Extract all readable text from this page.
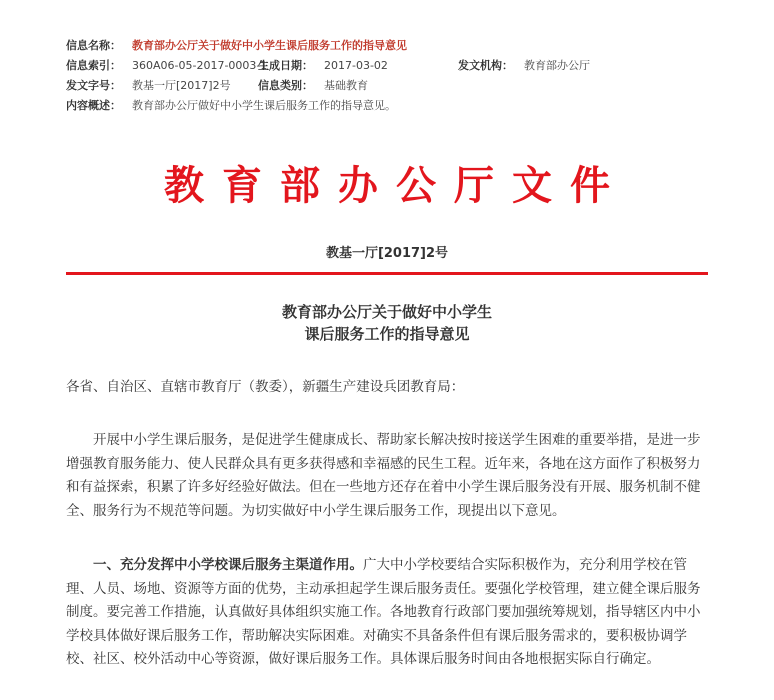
信息名称： 教育部办公厅关于做好中小学生课后服务工作的指导意见
信息索引： 360A06-05-2017-0003-1
生成日期： 2017-03-02	发文机构： 教育部办公厅
发文字号： 教基一厅[2017]2号 信息类别： 基础教育
内容概述： 教育部办公厅做好中小学生课后服务工作的指导意见。
教育部办公厅文件
教基一厅[2017]2号
教育部办公厅关于做好中小学生
课后服务工作的指导意见
各省、自治区、直辖市教育厅（教委），新疆生产建设兵团教育局：
开展中小学生课后服务，是促进学生健康成长、帮助家长解决按时接送学生困难的重要举措，是进一步增强教育服务能力、使人民群众具有更多获得感和幸福感的民生工程。近年来，各地在这方面作了积极努力和有益探索，积累了许多好经验好做法。但在一些地方还存在着中小学生课后服务没有开展、服务机制不健全、服务行为不规范等问题。为切实做好中小学生课后服务工作，现提出以下意见。
一、充分发挥中小学校课后服务主渠道作用。广大中小学校要结合实际积极作为，充分利用学校在管理、人员、场地、资源等方面的优势，主动承担起学生课后服务责任。要强化学校管理，建立健全课后服务制度。要完善工作措施，认真做好具体组织实施工作。各地教育行政部门要加强统筹规划，指导辖区内中小学校具体做好课后服务工作，帮助解决实际困难。对确实不具备条件但有课后服务需求的，要积极协调学校、社区、校外活动中心等资源，做好课后服务工作。具体课后服务时间由各地根据实际自行确定。
